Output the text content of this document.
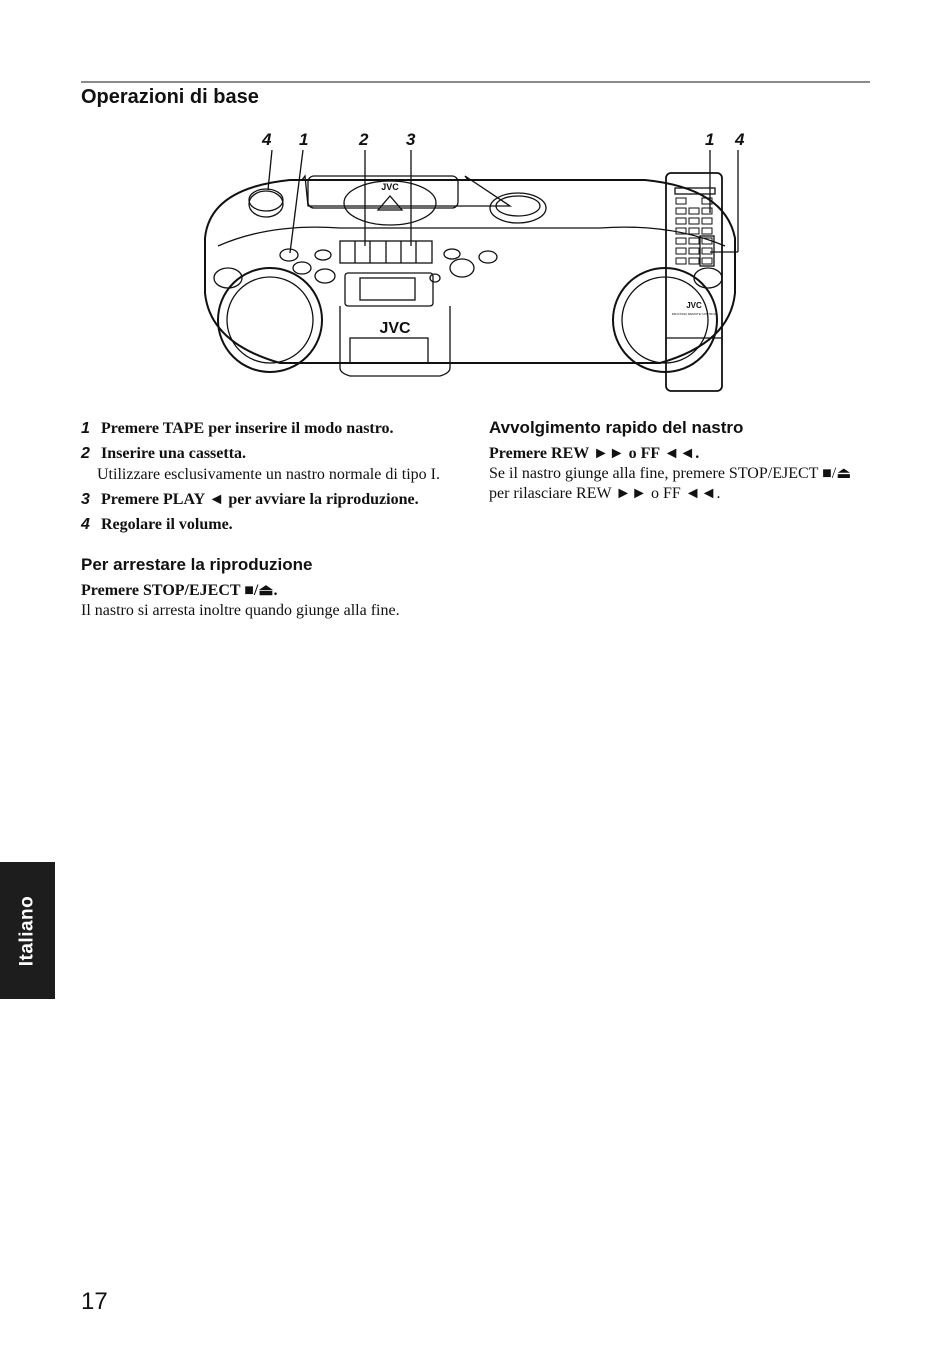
Operazioni di base
4 1	2 3	1 4
JVC
JVC
JVC
RM-RXD10 REMOTE CONTROL
1 Premere TAPE per inserire il modo nastro.
2 Inserire una cassetta.
Utilizzare esclusivamente un nastro normale di tipo I.
3 Premere PLAY ◄ per avviare la riproduzione.
4 Regolare il volume.
Per arrestare la riproduzione
Premere STOP/EJECT ■/⏏.
Il nastro si arresta inoltre quando giunge alla fine.
Avvolgimento rapido del nastro
Premere REW ►► o FF ◄◄.
Se il nastro giunge alla fine, premere STOP/EJECT ■/⏏
per rilasciare REW ►► o FF ◄◄.
Italiano
17
